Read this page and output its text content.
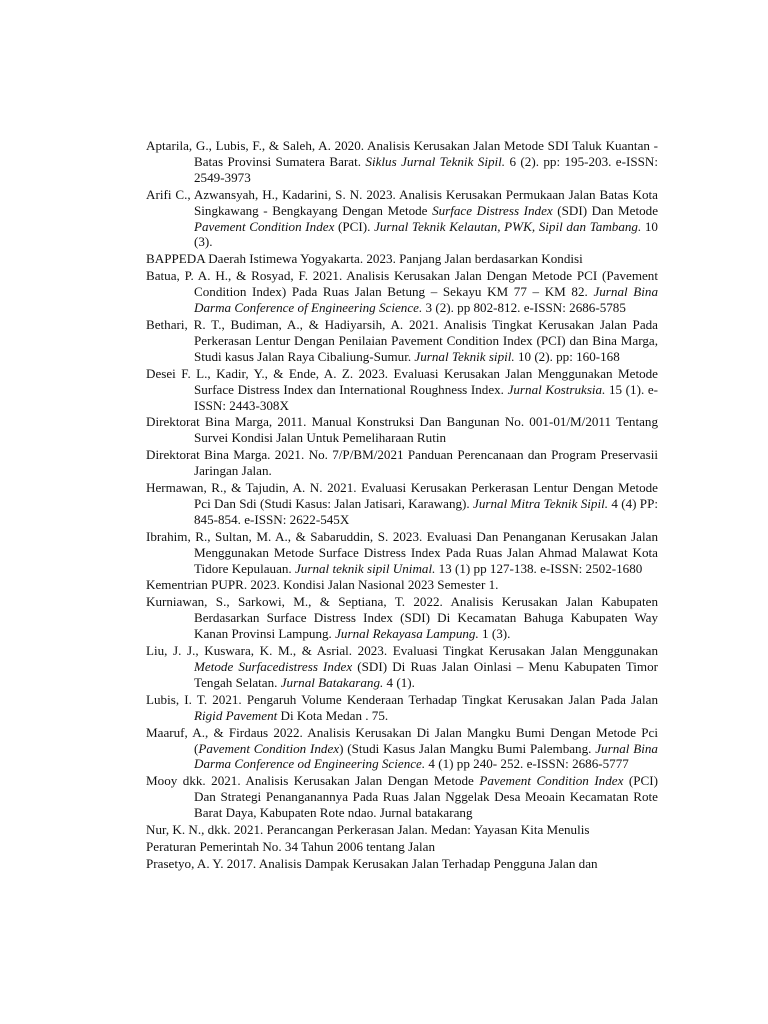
Aptarila, G., Lubis, F., & Saleh, A. 2020. Analisis Kerusakan Jalan Metode SDI Taluk Kuantan - Batas Provinsi Sumatera Barat. Siklus Jurnal Teknik Sipil. 6 (2). pp: 195-203. e-ISSN: 2549-3973

Arifi C., Azwansyah, H., Kadarini, S. N. 2023. Analisis Kerusakan Permukaan Jalan Batas Kota Singkawang - Bengkayang Dengan Metode Surface Distress Index (SDI) Dan Metode Pavement Condition Index (PCI). Jurnal Teknik Kelautan, PWK, Sipil dan Tambang. 10 (3).

BAPPEDA Daerah Istimewa Yogyakarta. 2023. Panjang Jalan berdasarkan Kondisi

Batua, P. A. H., & Rosyad, F. 2021. Analisis Kerusakan Jalan Dengan Metode PCI (Pavement Condition Index) Pada Ruas Jalan Betung – Sekayu KM 77 – KM 82. Jurnal Bina Darma Conference of Engineering Science. 3 (2). pp 802-812. e-ISSN: 2686-5785

Bethari, R. T., Budiman, A., & Hadiyarsih, A. 2021. Analisis Tingkat Kerusakan Jalan Pada Perkerasan Lentur Dengan Penilaian Pavement Condition Index (PCI) dan Bina Marga, Studi kasus Jalan Raya Cibaliung-Sumur. Jurnal Teknik sipil. 10 (2). pp: 160-168

Desei F. L., Kadir, Y., & Ende, A. Z. 2023. Evaluasi Kerusakan Jalan Menggunakan Metode Surface Distress Index dan International Roughness Index. Jurnal Kostruksia. 15 (1). e-ISSN: 2443-308X

Direktorat Bina Marga, 2011. Manual Konstruksi Dan Bangunan No. 001-01/M/2011 Tentang Survei Kondisi Jalan Untuk Pemeliharaan Rutin

Direktorat Bina Marga. 2021. No. 7/P/BM/2021 Panduan Perencanaan dan Program Preservasii Jaringan Jalan.

Hermawan, R., & Tajudin, A. N. 2021. Evaluasi Kerusakan Perkerasan Lentur Dengan Metode Pci Dan Sdi (Studi Kasus: Jalan Jatisari, Karawang). Jurnal Mitra Teknik Sipil. 4 (4) PP: 845-854. e-ISSN: 2622-545X

Ibrahim, R., Sultan, M. A., & Sabaruddin, S. 2023. Evaluasi Dan Penanganan Kerusakan Jalan Menggunakan Metode Surface Distress Index Pada Ruas Jalan Ahmad Malawat Kota Tidore Kepulauan. Jurnal teknik sipil Unimal. 13 (1) pp 127-138. e-ISSN: 2502-1680

Kementrian PUPR. 2023. Kondisi Jalan Nasional 2023 Semester 1.

Kurniawan, S., Sarkowi, M., & Septiana, T. 2022. Analisis Kerusakan Jalan Kabupaten Berdasarkan Surface Distress Index (SDI) Di Kecamatan Bahuga Kabupaten Way Kanan Provinsi Lampung. Jurnal Rekayasa Lampung. 1 (3).

Liu, J. J., Kuswara, K. M., & Asrial. 2023. Evaluasi Tingkat Kerusakan Jalan Menggunakan Metode Surfacedistress Index (SDI) Di Ruas Jalan Oinlasi – Menu Kabupaten Timor Tengah Selatan. Jurnal Batakarang. 4 (1).

Lubis, I. T. 2021. Pengaruh Volume Kenderaan Terhadap Tingkat Kerusakan Jalan Pada Jalan Rigid Pavement Di Kota Medan . 75.

Maaruf, A., & Firdaus 2022. Analisis Kerusakan Di Jalan Mangku Bumi Dengan Metode Pci (Pavement Condition Index) (Studi Kasus Jalan Mangku Bumi Palembang. Jurnal Bina Darma Conference od Engineering Science. 4 (1) pp 240- 252. e-ISSN: 2686-5777

Mooy dkk. 2021. Analisis Kerusakan Jalan Dengan Metode Pavement Condition Index (PCI) Dan Strategi Penanganannya Pada Ruas Jalan Nggelak Desa Meoain Kecamatan Rote Barat Daya, Kabupaten Rote ndao. Jurnal batakarang

Nur, K. N., dkk. 2021. Perancangan Perkerasan Jalan. Medan: Yayasan Kita Menulis

Peraturan Pemerintah No. 34 Tahun 2006 tentang Jalan

Prasetyo, A. Y. 2017. Analisis Dampak Kerusakan Jalan Terhadap Pengguna Jalan dan
